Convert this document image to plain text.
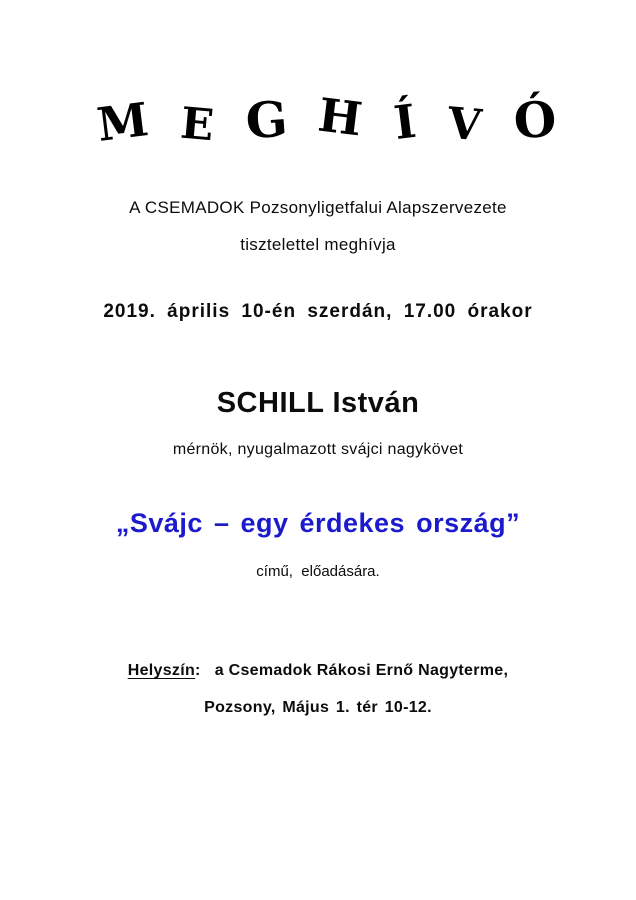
M E G H Í V Ó
A CSEMADOK Pozsonyligetfalui Alapszervezete
tisztelettel meghívja
2019. április 10-én szerdán, 17.00 órakor
SCHILL István
mérnök, nyugalmazott svájci nagykövet
„Svájc – egy érdekes ország”
című,  előadására.
Helyszín: a Csemadok Rákosi Ernő Nagyterme,
Pozsony, Május 1. tér 10-12.
